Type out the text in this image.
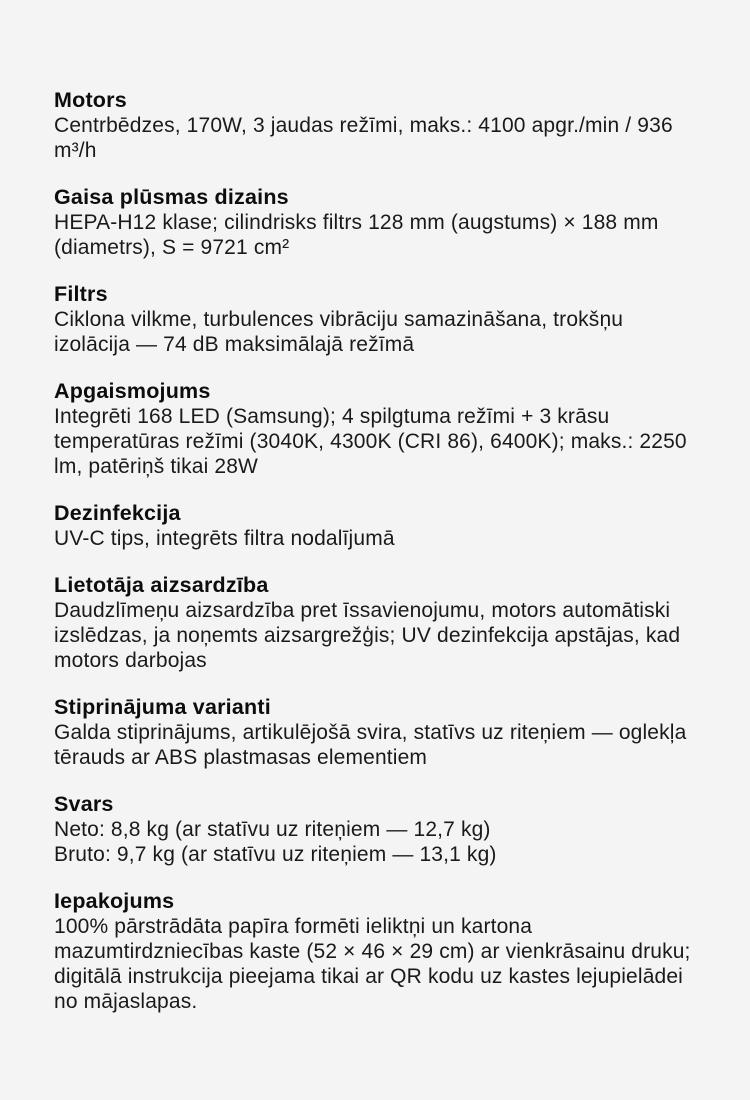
Motors
Centrbēdzes, 170W, 3 jaudas režīmi, maks.: 4100 apgr./min / 936 m³/h
Gaisa plūsmas dizains
HEPA-H12 klase; cilindrisks filtrs 128 mm (augstums) × 188 mm (diametrs), S = 9721 cm²
Filtrs
Ciklona vilkme, turbulences vibrāciju samazināšana, trokšņu izolācija — 74 dB maksimālajā režīmā
Apgaismojums
Integrēti 168 LED (Samsung); 4 spilgtuma režīmi + 3 krāsu temperatūras režīmi (3040K, 4300K (CRI 86), 6400K); maks.: 2250 lm, patēriņš tikai 28W
Dezinfekcija
UV-C tips, integrēts filtra nodalījumā
Lietotāja aizsardzība
Daudzlīmeņu aizsardzība pret īssavienojumu, motors automātiski izslēdzas, ja noņemts aizsargrežģis; UV dezinfekcija apstājas, kad motors darbojas
Stiprinājuma varianti
Galda stiprinājums, artikulējošā svira, statīvs uz riteņiem — oglekļa tērauds ar ABS plastmasas elementiem
Svars
Neto: 8,8 kg (ar statīvu uz riteņiem — 12,7 kg)
Bruto: 9,7 kg (ar statīvu uz riteņiem — 13,1 kg)
Iepakojums
100% pārstrādāta papīra formēti ieliktņi un kartona mazumtirdzniecības kaste (52 × 46 × 29 cm) ar vienkrāsainu druku; digitālā instrukcija pieejama tikai ar QR kodu uz kastes lejupielādei no mājaslapas.
